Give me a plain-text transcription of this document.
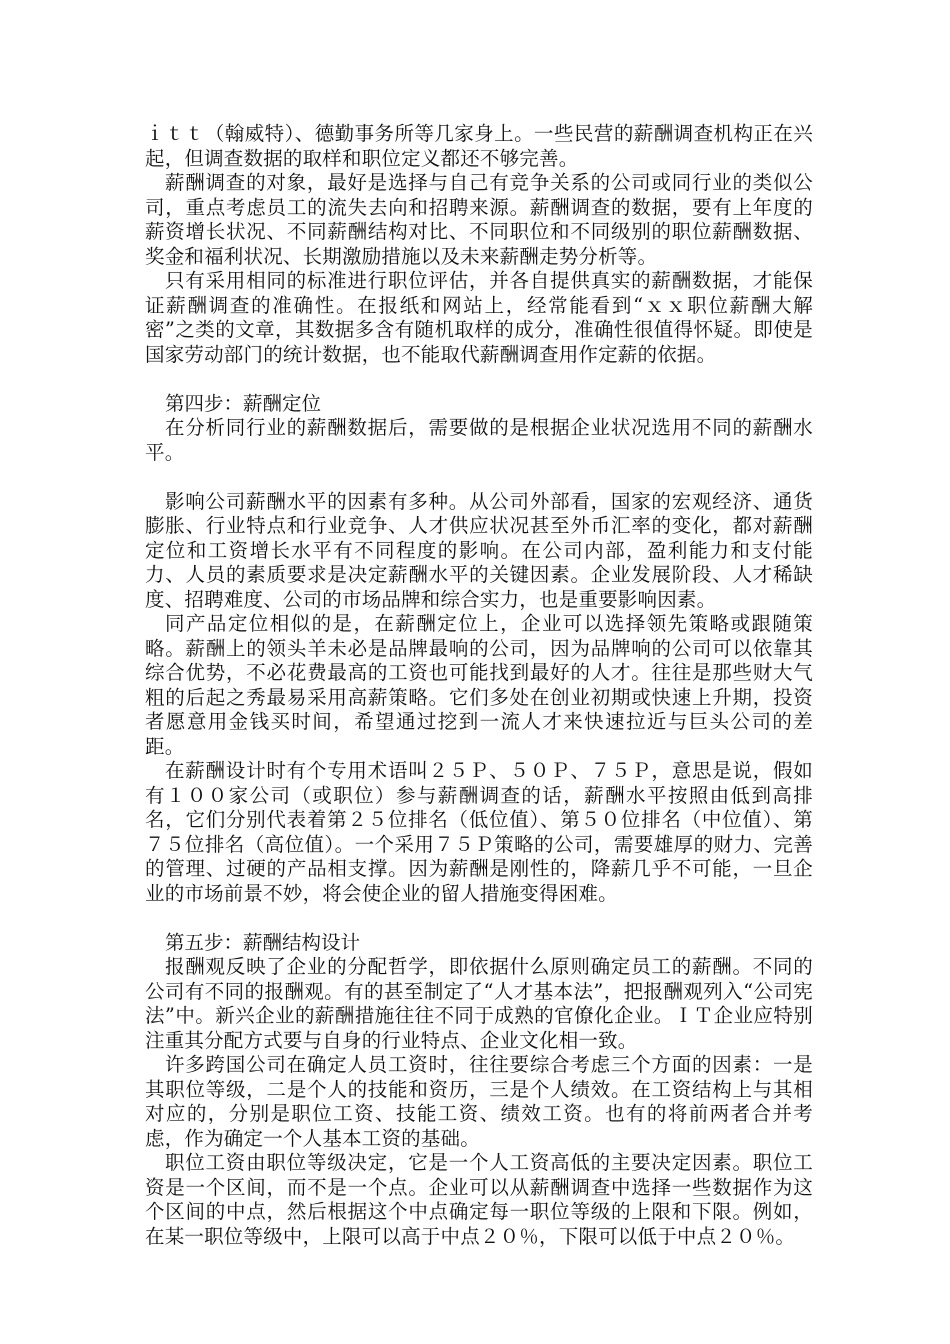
ｉｔｔ（翰威特）、德勤事务所等几家身上。一些民营的薪酬调查机构正在兴起，但调查数据的取样和职位定义都还不够完善。

薪酬调查的对象，最好是选择与自己有竞争关系的公司或同行业的类似公司，重点考虑员工的流失去向和招聘来源。薪酬调查的数据，要有上年度的薪资增长状况、不同薪酬结构对比、不同职位和不同级别的职位薪酬数据、奖金和福利状况、长期激励措施以及未来薪酬走势分析等。

只有采用相同的标准进行职位评估，并各自提供真实的薪酬数据，才能保证薪酬调查的准确性。在报纸和网站上，经常能看到“ｘｘ职位薪酬大解密”之类的文章，其数据多含有随机取样的成分，准确性很值得怀疑。即使是国家劳动部门的统计数据，也不能取代薪酬调查用作定薪的依据。

第四步：薪酬定位

在分析同行业的薪酬数据后，需要做的是根据企业状况选用不同的薪酬水平。

影响公司薪酬水平的因素有多种。从公司外部看，国家的宏观经济、通货膨胀、行业特点和行业竞争、人才供应状况甚至外币汇率的变化，都对薪酬定位和工资增长水平有不同程度的影响。在公司内部，盈利能力和支付能力、人员的素质要求是决定薪酬水平的关键因素。企业发展阶段、人才稀缺度、招聘难度、公司的市场品牌和综合实力，也是重要影响因素。

同产品定位相似的是，在薪酬定位上，企业可以选择领先策略或跟随策略。薪酬上的领头羊未必是品牌最响的公司，因为品牌响的公司可以依靠其综合优势，不必花费最高的工资也可能找到最好的人才。往往是那些财大气粗的后起之秀最易采用高薪策略。它们多处在创业初期或快速上升期，投资者愿意用金钱买时间，希望通过挖到一流人才来快速拉近与巨头公司的差距。

在薪酬设计时有个专用术语叫２５Ｐ、５０Ｐ、７５Ｐ，意思是说，假如有１００家公司（或职位）参与薪酬调查的话，薪酬水平按照由低到高排名，它们分别代表着第２５位排名（低位值）、第５０位排名（中位值）、第７５位排名（高位值）。一个采用７５Ｐ策略的公司，需要雄厚的财力、完善的管理、过硬的产品相支撑。因为薪酬是刚性的，降薪几乎不可能，一旦企业的市场前景不妙，将会使企业的留人措施变得困难。

第五步：薪酬结构设计

报酬观反映了企业的分配哲学，即依据什么原则确定员工的薪酬。不同的公司有不同的报酬观。有的甚至制定了“人才基本法”，把报酬观列入“公司宪法”中。新兴企业的薪酬措施往往不同于成熟的官僚化企业。ＩＴ企业应特别注重其分配方式要与自身的行业特点、企业文化相一致。

许多跨国公司在确定人员工资时，往往要综合考虑三个方面的因素：一是其职位等级，二是个人的技能和资历，三是个人绩效。在工资结构上与其相对应的，分别是职位工资、技能工资、绩效工资。也有的将前两者合并考虑，作为确定一个人基本工资的基础。

职位工资由职位等级决定，它是一个人工资高低的主要决定因素。职位工资是一个区间，而不是一个点。企业可以从薪酬调查中选择一些数据作为这个区间的中点，然后根据这个中点确定每一职位等级的上限和下限。例如，在某一职位等级中，上限可以高于中点２０％，下限可以低于中点２０％。
